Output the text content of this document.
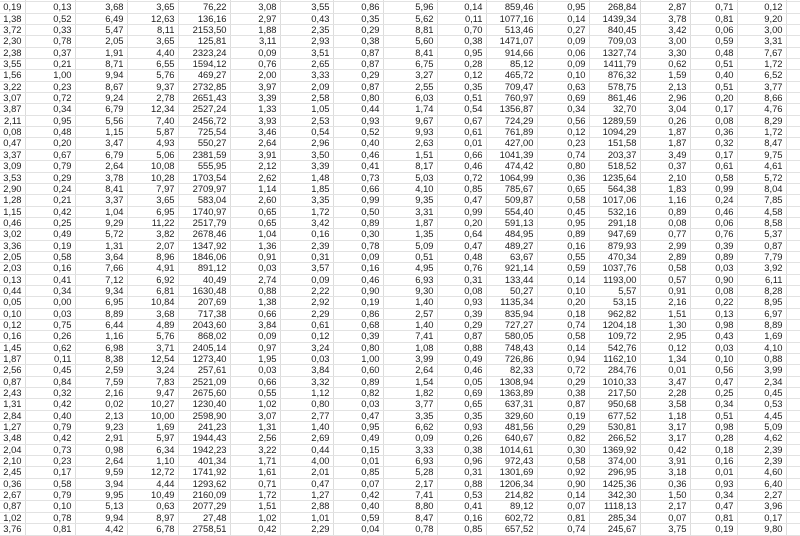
0,19	0,13	3,68	3,65	76,22	3,08	3,55	0,86	5,96	0,14	859,46	0,95	268,84	2,87	0,71	0,12	
1,38	0,52	6,49	12,63	136,16	2,97	0,43	0,35	5,62	0,11	1077,16	0,14	1439,34	3,78	0,81	9,20	
3,72	0,33	5,47	8,11	2153,50	1,88	2,35	0,29	8,81	0,70	513,46	0,27	840,45	3,42	0,06	3,00	
2,30	0,78	2,05	3,65	125,81	3,11	2,93	0,38	5,60	0,38	1471,07	0,09	709,03	3,00	0,59	3,31	
2,38	0,37	1,91	4,40	2323,24	0,09	3,51	0,87	8,41	0,95	914,66	0,06	1327,74	3,30	0,48	7,67	
3,55	0,21	8,71	6,55	1594,12	0,76	2,65	0,87	6,75	0,28	85,12	0,09	1411,79	0,62	0,51	1,72	
1,56	1,00	9,94	5,76	469,27	2,00	3,33	0,29	3,27	0,12	465,72	0,10	876,32	1,59	0,40	6,52	
3,22	0,23	8,67	9,37	2732,85	3,97	2,09	0,87	2,55	0,35	709,47	0,63	578,75	2,13	0,51	3,77	
3,07	0,72	9,24	2,78	2651,43	3,39	2,58	0,80	6,03	0,51	760,97	0,69	861,46	2,96	0,20	8,66	
3,87	0,34	6,79	12,34	2527,24	1,33	1,05	0,44	1,74	0,54	1356,87	0,34	32,70	3,04	0,17	4,76	
2,11	0,95	5,56	7,40	2456,72	3,93	2,53	0,93	9,67	0,67	724,29	0,56	1289,59	0,26	0,08	8,29	
0,08	0,48	1,15	5,87	725,54	3,46	0,54	0,52	9,93	0,61	761,89	0,12	1094,29	1,87	0,36	1,72	
0,47	0,20	3,47	4,93	550,27	2,64	2,96	0,40	2,63	0,01	427,00	0,23	151,58	1,87	0,32	8,47	
3,37	0,67	6,79	5,06	2381,59	3,91	3,50	0,46	1,51	0,66	1041,39	0,74	203,37	3,49	0,17	9,75	
3,09	0,79	2,64	10,08	555,95	2,12	3,39	0,41	8,17	0,46	474,42	0,80	518,52	0,37	0,61	4,61	
3,53	0,29	3,78	10,28	1703,54	2,62	1,48	0,73	5,03	0,72	1064,99	0,36	1235,64	2,10	0,58	5,72	
2,90	0,24	8,41	7,97	2709,97	1,14	1,85	0,66	4,10	0,85	785,67	0,65	564,38	1,83	0,99	8,04	
1,28	0,21	3,37	3,65	583,04	2,60	3,35	0,99	9,35	0,47	509,87	0,58	1017,06	1,16	0,24	7,85	
1,15	0,42	1,04	6,95	1740,97	0,65	1,72	0,50	3,31	0,99	554,40	0,45	532,16	0,89	0,46	4,58	
0,46	0,25	9,29	11,22	2517,79	0,65	3,42	0,89	1,87	0,20	591,13	0,95	291,18	0,08	0,06	8,58	
3,02	0,49	5,72	3,82	2678,46	1,04	0,16	0,30	1,35	0,64	484,95	0,89	947,69	0,77	0,76	5,37	
3,36	0,19	1,31	2,07	1347,92	1,36	2,39	0,78	5,09	0,47	489,27	0,16	879,93	2,99	0,39	0,87	
2,05	0,58	3,64	8,96	1846,06	0,91	0,31	0,09	0,51	0,48	63,67	0,55	470,34	2,89	0,89	7,79	
2,03	0,16	7,66	4,91	891,12	0,03	3,57	0,16	4,95	0,76	921,14	0,59	1037,76	0,58	0,03	3,92	
0,13	0,41	7,12	6,92	40,49	2,74	0,09	0,46	6,93	0,31	133,44	0,14	1193,00	0,57	0,90	6,11	
0,44	0,34	9,34	6,81	1630,48	0,88	2,22	0,90	9,30	0,08	50,27	0,10	5,57	0,91	0,08	8,28	
0,05	0,00	6,95	10,84	207,69	1,38	2,92	0,19	1,40	0,93	1135,34	0,20	53,15	2,16	0,22	8,95	
0,10	0,03	8,89	3,68	717,38	0,66	2,29	0,86	2,57	0,39	835,94	0,18	962,82	1,51	0,13	6,97	
0,12	0,75	6,44	4,89	2043,60	3,84	0,61	0,68	1,40	0,29	727,27	0,74	1204,18	1,30	0,98	8,89	
0,16	0,26	1,16	5,76	868,02	0,09	0,12	0,39	7,41	0,87	580,05	0,58	109,72	2,95	0,43	1,69	
1,45	0,62	6,98	3,71	2405,14	0,97	3,24	0,80	1,08	0,88	748,43	0,14	542,76	0,12	0,03	4,10	
1,87	0,11	8,38	12,54	1273,40	1,95	0,03	1,00	3,99	0,49	726,86	0,94	1162,10	1,34	0,10	0,88	
2,56	0,45	2,59	3,24	257,61	0,03	3,84	0,60	2,64	0,46	82,33	0,72	284,76	0,01	0,56	3,99	
0,87	0,84	7,59	7,83	2521,09	0,66	3,32	0,89	1,54	0,05	1308,94	0,29	1010,33	3,47	0,47	2,34	
2,43	0,32	2,16	9,47	2675,60	0,55	1,12	0,82	1,82	0,69	1363,89	0,38	217,50	2,28	0,25	0,45	
1,31	0,42	0,02	10,27	1230,40	1,02	0,80	0,03	3,77	0,65	637,31	0,87	950,68	3,58	0,34	0,53	
2,84	0,40	2,13	10,00	2598,90	3,07	2,77	0,47	3,35	0,35	329,60	0,19	677,52	1,18	0,51	4,45	
1,27	0,79	9,23	1,69	241,23	1,31	1,40	0,95	6,62	0,93	481,56	0,29	530,81	3,17	0,98	5,09	
3,48	0,42	2,91	5,97	1944,43	2,56	2,69	0,49	0,09	0,26	640,67	0,82	266,52	3,17	0,28	4,62	
2,04	0,73	0,98	6,34	1942,23	3,22	0,44	0,15	3,33	0,38	1014,61	0,30	1369,92	0,42	0,18	2,39	
2,10	0,23	2,64	1,10	401,34	1,71	4,00	0,01	6,93	0,96	972,43	0,58	374,00	3,91	0,16	2,39	
2,45	0,17	9,59	12,72	1741,92	1,61	2,01	0,85	5,28	0,31	1301,69	0,92	296,95	3,18	0,01	4,60	
0,36	0,58	3,94	4,44	1293,62	0,71	0,47	0,07	2,17	0,88	1206,34	0,90	1425,36	0,36	0,93	6,40	
2,67	0,79	9,95	10,49	2160,09	1,72	1,27	0,42	7,41	0,53	214,82	0,14	342,30	1,50	0,34	2,27	
0,87	0,10	5,13	0,63	2077,29	1,51	2,88	0,40	8,80	0,41	89,12	0,07	1118,13	2,17	0,47	3,96	
1,02	0,78	9,94	8,97	27,48	1,02	1,01	0,59	8,47	0,16	602,72	0,81	285,34	0,07	0,81	0,17	
3,76	0,81	4,42	6,78	2758,51	0,42	2,29	0,04	0,78	0,85	657,52	0,74	245,67	3,75	0,19	9,80	
